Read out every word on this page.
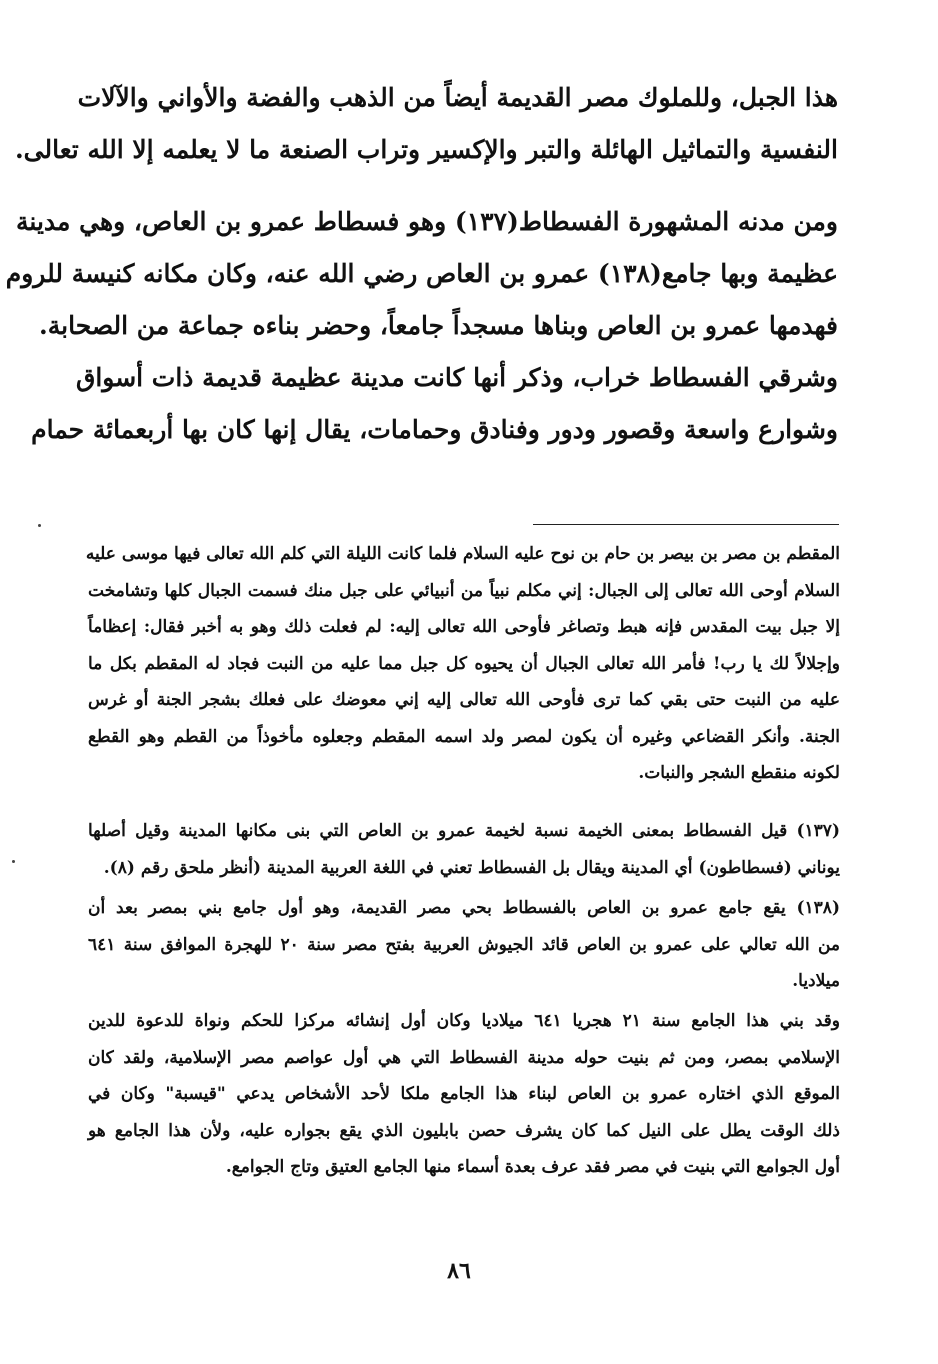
هذا الجبل، وللملوك مصر القديمة أيضاً من الذهب والفضة والأواني والآلات
النفسية والتماثيل الهائلة والتبر والإكسير وتراب الصنعة ما لا يعلمه إلا الله تعالى.
ومن مدنه المشهورة الفسطاط(١٣٧) وهو فسطاط عمرو بن العاص، وهي مدينة
عظيمة وبها جامع(١٣٨) عمرو بن العاص رضي الله عنه، وكان مكانه كنيسة للروم
فهدمها عمرو بن العاص وبناها مسجداً جامعاً، وحضر بناءه جماعة من الصحابة.
وشرقي الفسطاط خراب، وذكر أنها كانت مدينة عظيمة قديمة ذات أسواق
وشوارع واسعة وقصور ودور وفنادق وحمامات، يقال إنها كان بها أربعمائة حمام
المقطم بن مصر بن بيصر بن حام بن نوح عليه السلام فلما كانت الليلة التي كلم الله تعالى فيها موسى عليه
السلام أوحى الله تعالى إلى الجبال: إني مكلم نبياً من أنبيائي على جبل منك فسمت الجبال كلها وتشامخت
إلا جبل بيت المقدس فإنه هبط وتصاغر فأوحى الله تعالى إليه: لم فعلت ذلك وهو به أخبر فقال: إعظاماً
وإجلالاً لك يا رب! فأمر الله تعالى الجبال أن يحيوه كل جبل مما عليه من النبت فجاد له المقطم بكل ما
عليه من النبت حتى بقي كما ترى فأوحى الله تعالى إليه إني معوضك على فعلك بشجر الجنة أو غرس
الجنة. وأنكر القضاعي وغيره أن يكون لمصر ولد اسمه المقطم وجعلوه مأخوذاً من القطم وهو القطع
لكونه منقطع الشجر والنبات.
(١٣٧) قيل الفسطاط بمعنى الخيمة نسبة لخيمة عمرو بن العاص التي بنى مكانها المدينة وقيل أصلها
يوناني (فسطاطون) أي المدينة ويقال بل الفسطاط تعني في اللغة العربية المدينة (أنظر ملحق رقم (٨).
(١٣٨) يقع جامع عمرو بن العاص بالفسطاط بحي مصر القديمة، وهو أول جامع بني بمصر بعد أن
من الله تعالي على عمرو بن العاص قائد الجيوش العربية بفتح مصر سنة ٢٠ للهجرة الموافق سنة ٦٤١
ميلاديا.
وقد بني هذا الجامع سنة ٢١ هجريا ٦٤١ ميلاديا وكان أول إنشائه مركزا للحكم ونواة للدعوة للدين
الإسلامي بمصر، ومن ثم بنيت حوله مدينة الفسطاط التي هي أول عواصم مصر الإسلامية، ولقد كان
الموقع الذي اختاره عمرو بن العاص لبناء هذا الجامع ملكا لأحد الأشخاص يدعي "قيسبة" وكان في
ذلك الوقت يطل على النيل كما كان يشرف حصن بابليون الذي يقع بجواره عليه، ولأن هذا الجامع هو
أول الجوامع التي بنيت في مصر فقد عرف بعدة أسماء منها الجامع العتيق وتاج الجوامع.
٨٦
